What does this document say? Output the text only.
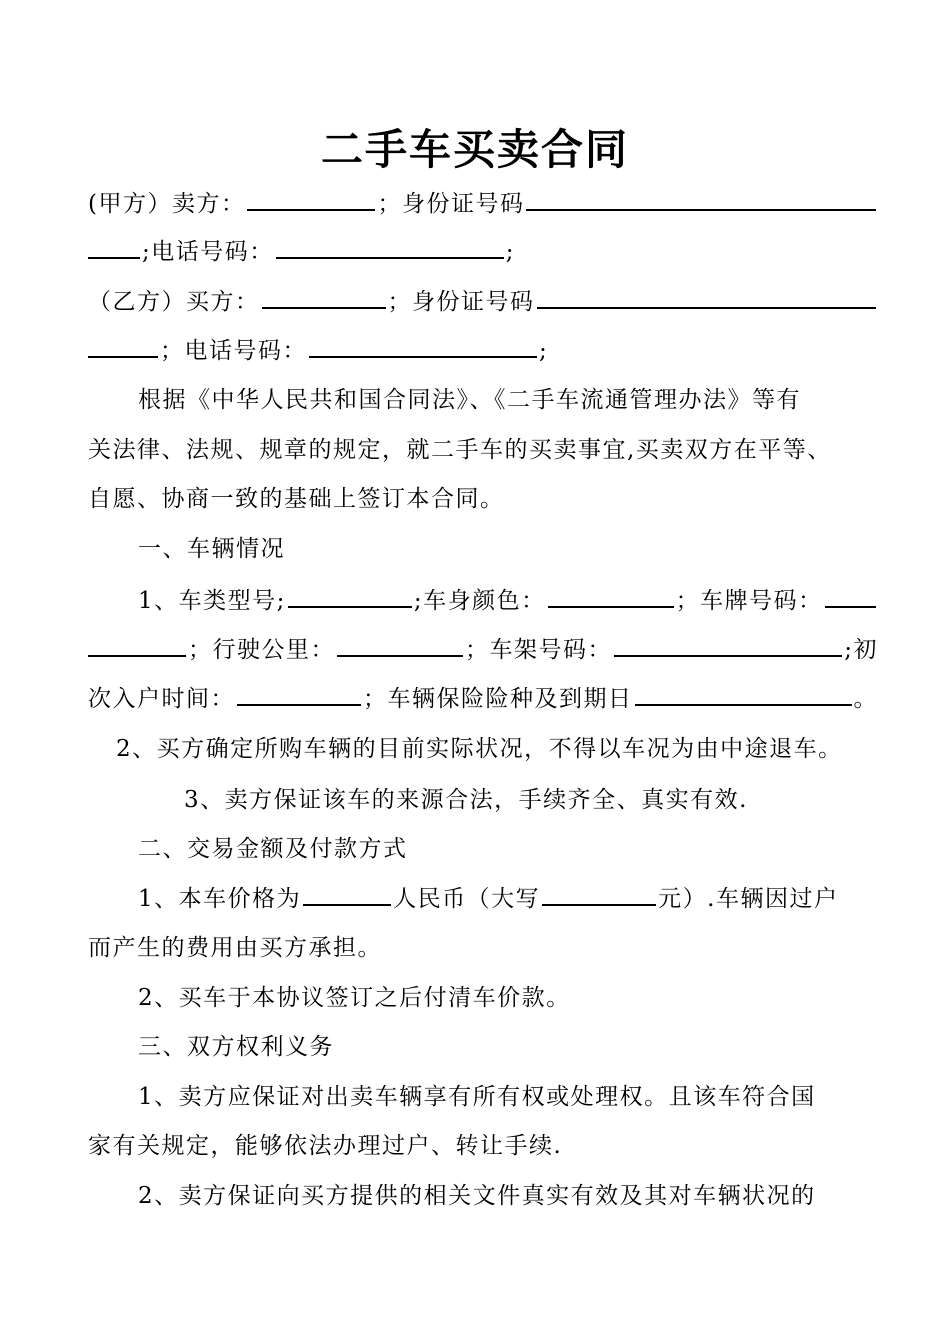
二手车买卖合同
(甲方）卖方：	；身份证号码
;电话号码：	;
（乙方）买方：	；身份证号码
；电话号码：	;
根据《中华人民共和国合同法》、《二手车流通管理办法》等有
关法律、法规、规章的规定，就二手车的买卖事宜,买卖双方在平等、
自愿、协商一致的基础上签订本合同。
一、车辆情况
1、车类型号;	;车身颜色：	；车牌号码：
；行驶公里：	；车架号码：	;初
次入户时间：	；车辆保险险种及到期日	。
2、买方确定所购车辆的目前实际状况，不得以车况为由中途退车。
3、卖方保证该车的来源合法，手续齐全、真实有效.
二、交易金额及付款方式
1、本车价格为	人民币（大写	元）.车辆因过户
而产生的费用由买方承担。
2、买车于本协议签订之后付清车价款。
三、双方权利义务
1、卖方应保证对出卖车辆享有所有权或处理权。且该车符合国
家有关规定，能够依法办理过户、转让手续.
2、卖方保证向买方提供的相关文件真实有效及其对车辆状况的
